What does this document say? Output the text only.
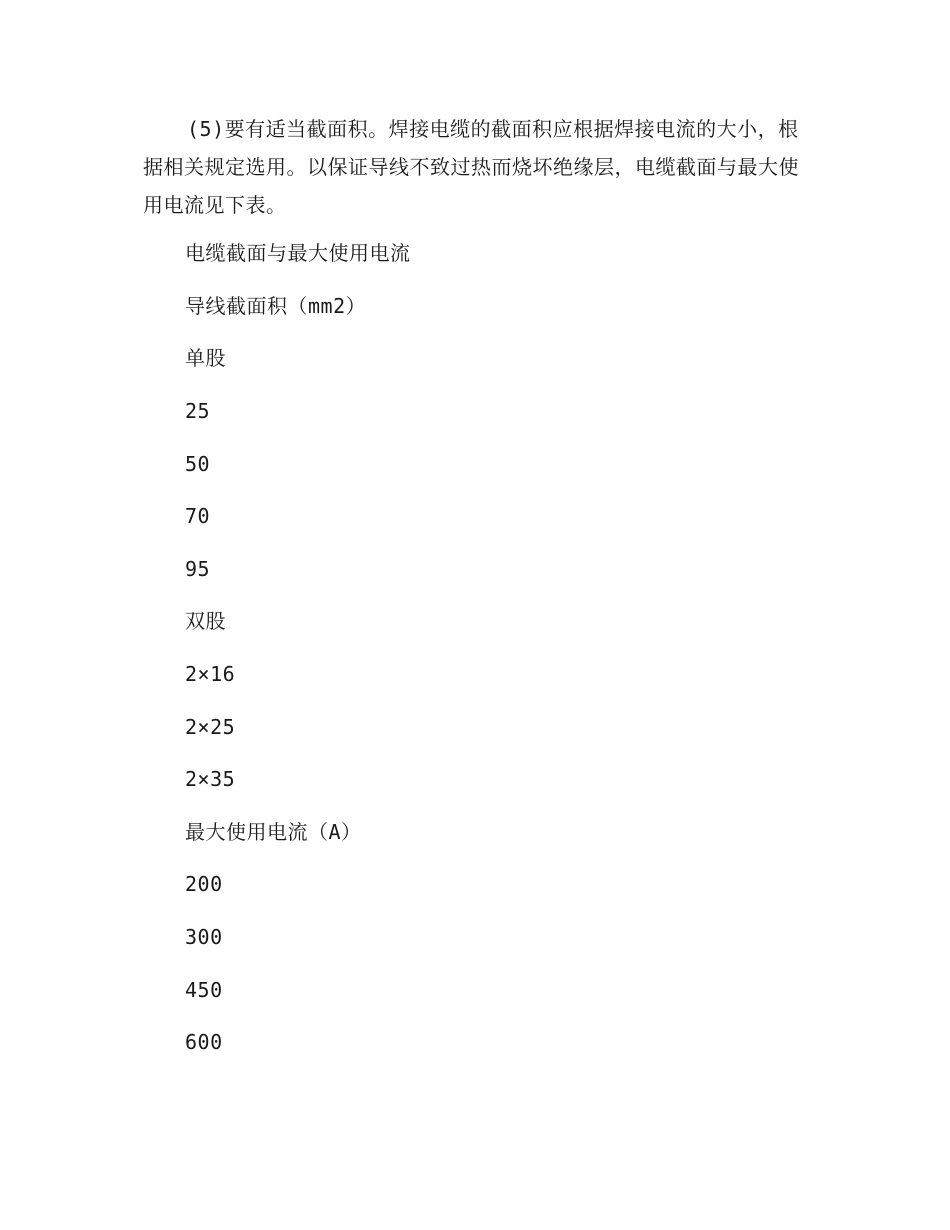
(5)要有适当截面积。焊接电缆的截面积应根据焊接电流的大小，根据相关规定选用。以保证导线不致过热而烧坏绝缘层，电缆截面与最大使用电流见下表。

电缆截面与最大使用电流

导线截面积（mm2）

单股

25

50

70

95

双股

2×16

2×25

2×35

最大使用电流（A）

200

300

450

600
